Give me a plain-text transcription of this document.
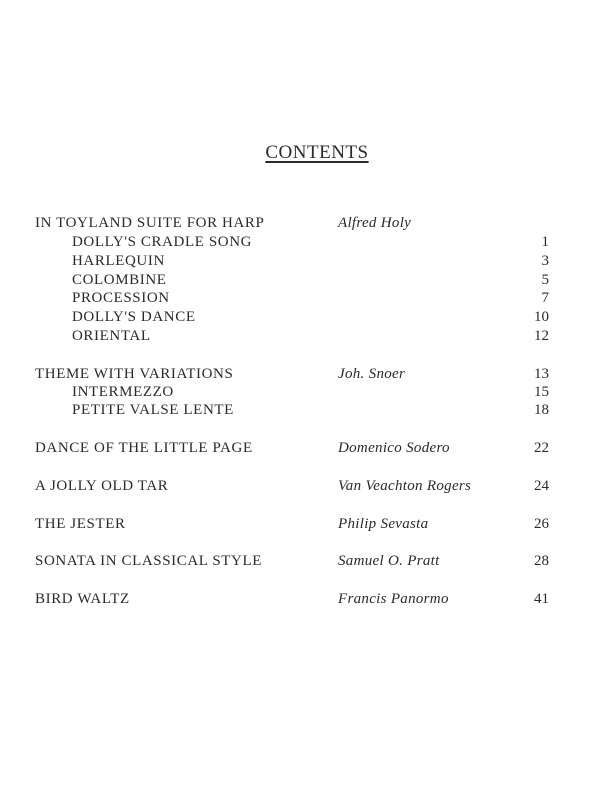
CONTENTS
IN TOYLAND SUITE FOR HARP	Alfred Holy
DOLLY'S CRADLE SONG	1
HARLEQUIN	3
COLOMBINE	5
PROCESSION	7
DOLLY'S DANCE	10
ORIENTAL	12
THEME WITH VARIATIONS	Joh. Snoer	13
INTERMEZZO	15
PETITE VALSE LENTE	18
DANCE OF THE LITTLE PAGE	Domenico Sodero	22
A JOLLY OLD TAR	Van Veachton Rogers	24
THE JESTER	Philip Sevasta	26
SONATA IN CLASSICAL STYLE	Samuel O. Pratt	28
BIRD WALTZ	Francis Panormo	41
